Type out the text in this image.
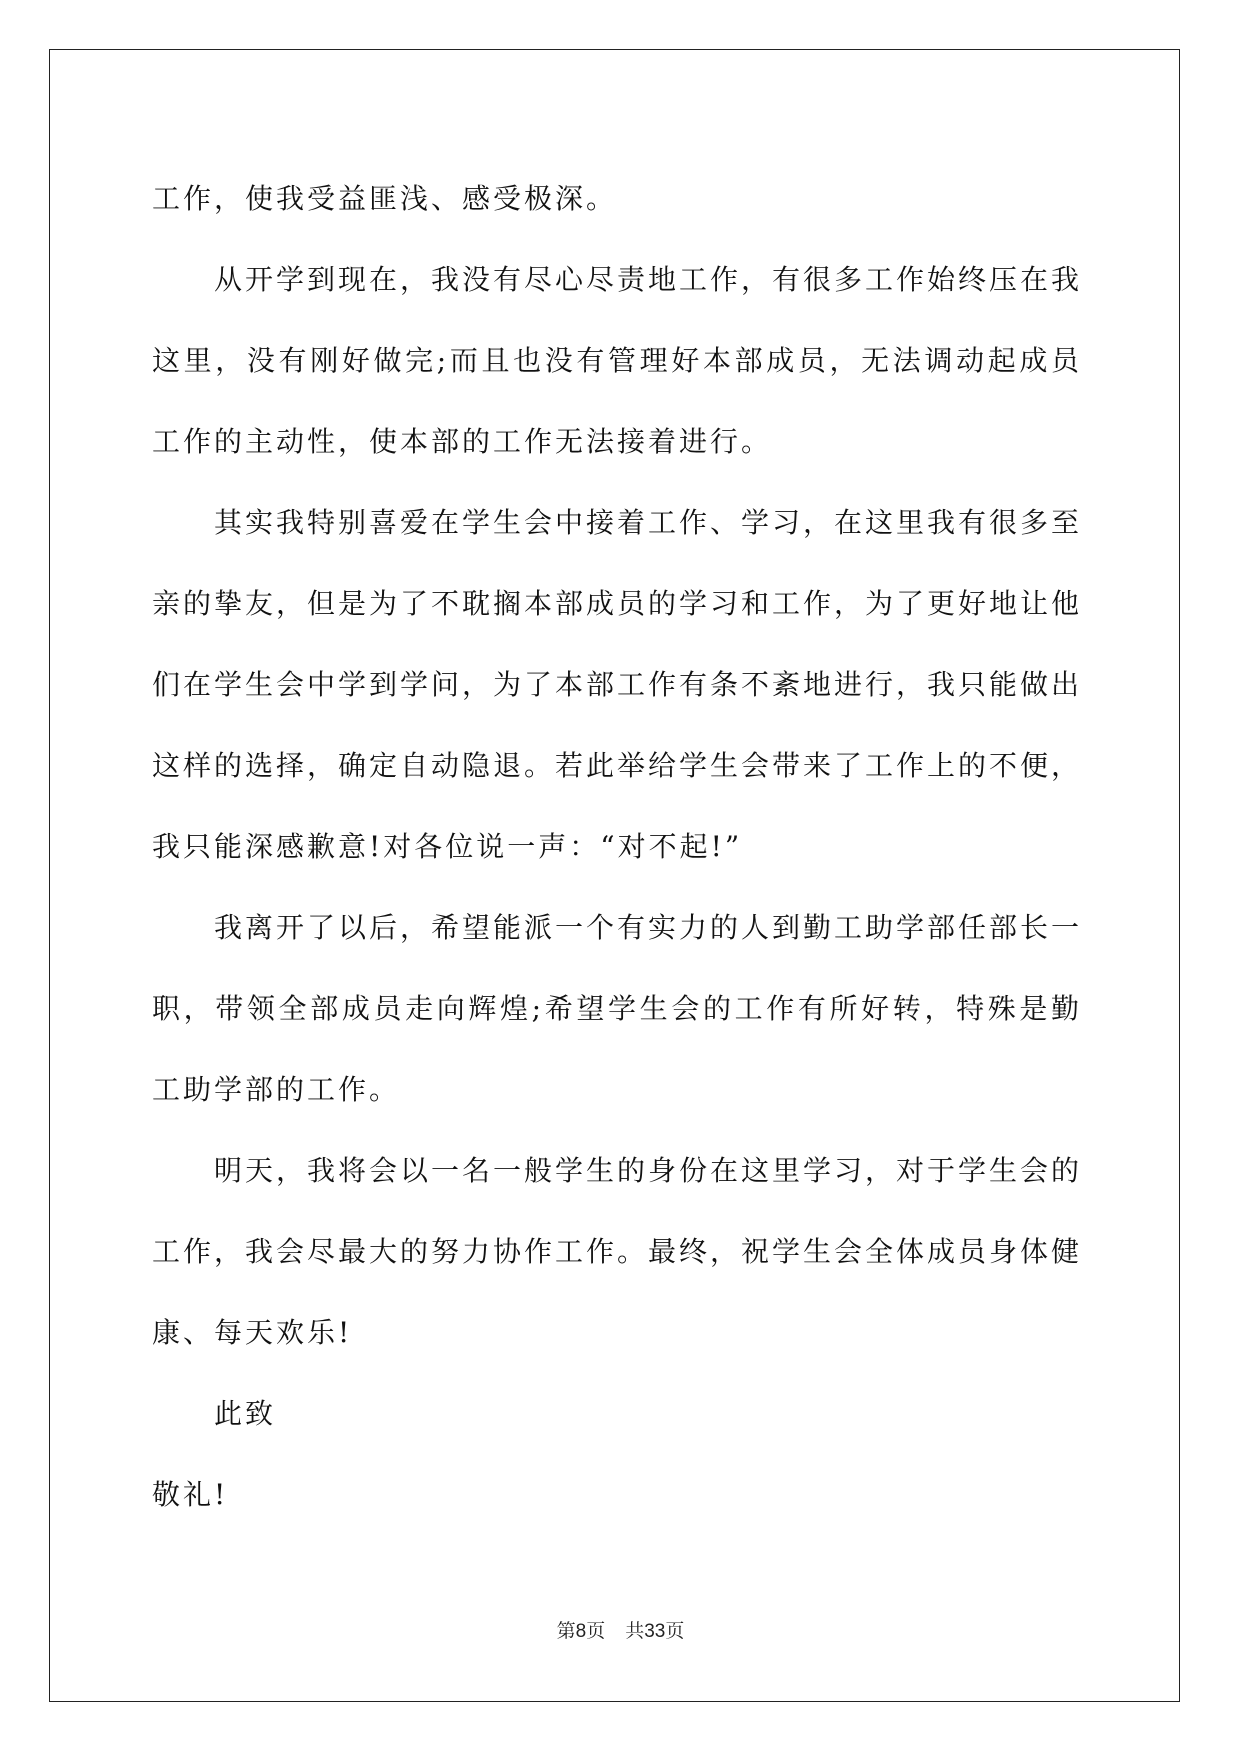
工作，使我受益匪浅、感受极深。

从开学到现在，我没有尽心尽责地工作，有很多工作始终压在我这里，没有刚好做完;而且也没有管理好本部成员，无法调动起成员工作的主动性，使本部的工作无法接着进行。

其实我特别喜爱在学生会中接着工作、学习，在这里我有很多至亲的挚友，但是为了不耽搁本部成员的学习和工作，为了更好地让他们在学生会中学到学问，为了本部工作有条不紊地进行，我只能做出这样的选择，确定自动隐退。若此举给学生会带来了工作上的不便，我只能深感歉意!对各位说一声：“对不起!”

我离开了以后，希望能派一个有实力的人到勤工助学部任部长一职，带领全部成员走向辉煌;希望学生会的工作有所好转，特殊是勤工助学部的工作。

明天，我将会以一名一般学生的身份在这里学习，对于学生会的工作，我会尽最大的努力协作工作。最终，祝学生会全体成员身体健康、每天欢乐!

此致

敬礼!

第8页 共33页
